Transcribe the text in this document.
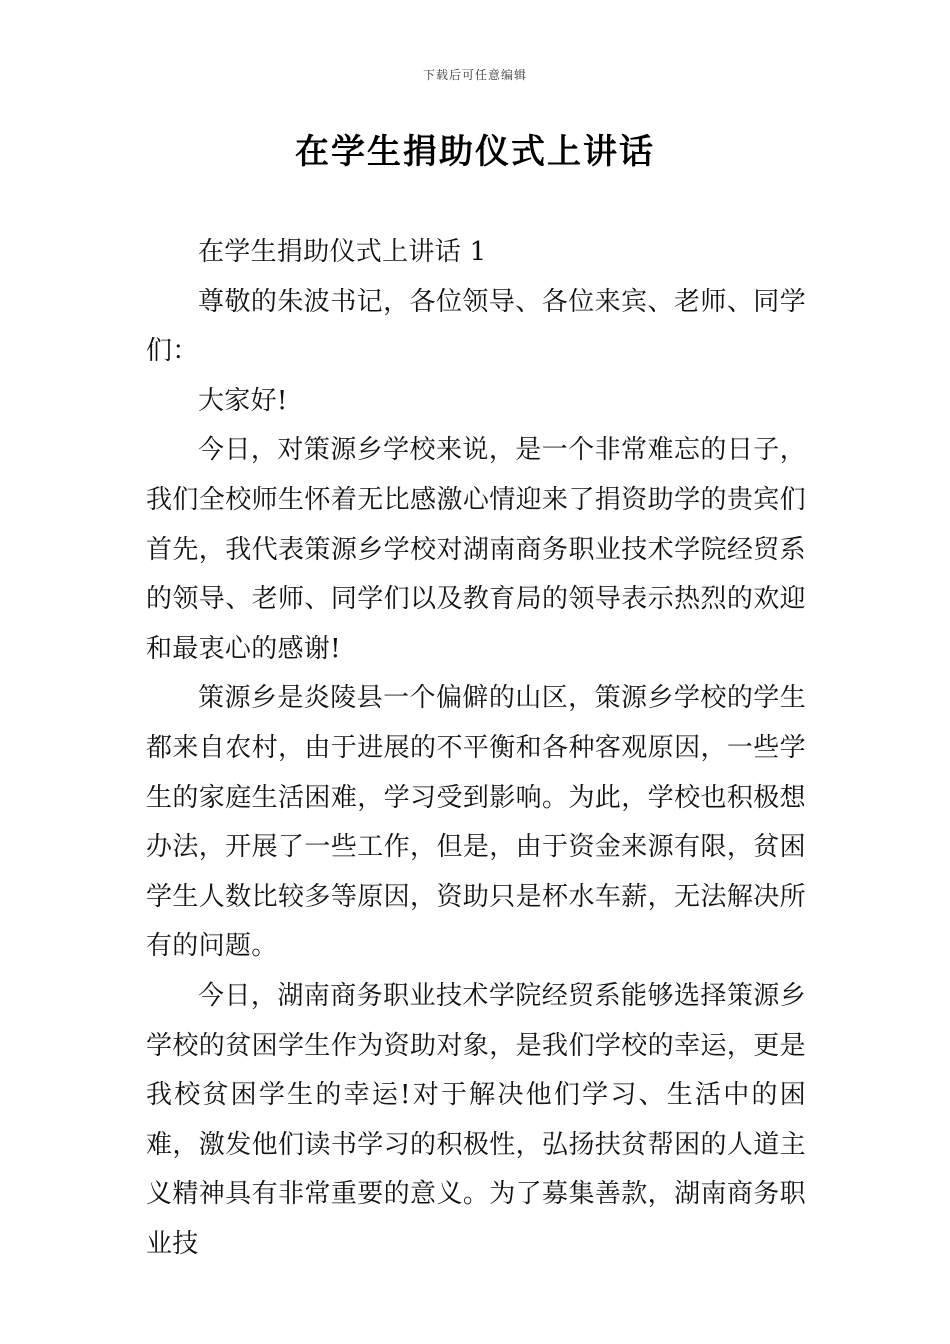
下载后可任意编辑
在学生捐助仪式上讲话

在学生捐助仪式上讲话 1

尊敬的朱波书记，各位领导、各位来宾、老师、同学们：

大家好!

今日，对策源乡学校来说，是一个非常难忘的日子，我们全校师生怀着无比感激心情迎来了捐资助学的贵宾们首先，我代表策源乡学校对湖南商务职业技术学院经贸系的领导、老师、同学们以及教育局的领导表示热烈的欢迎和最衷心的感谢!

策源乡是炎陵县一个偏僻的山区，策源乡学校的学生都来自农村，由于进展的不平衡和各种客观原因，一些学生的家庭生活困难，学习受到影响。为此，学校也积极想办法，开展了一些工作，但是，由于资金来源有限，贫困学生人数比较多等原因，资助只是杯水车薪，无法解决所有的问题。

今日，湖南商务职业技术学院经贸系能够选择策源乡学校的贫困学生作为资助对象，是我们学校的幸运，更是我校贫困学生的幸运!对于解决他们学习、生活中的困难，激发他们读书学习的积极性，弘扬扶贫帮困的人道主义精神具有非常重要的意义。为了募集善款，湖南商务职业技
